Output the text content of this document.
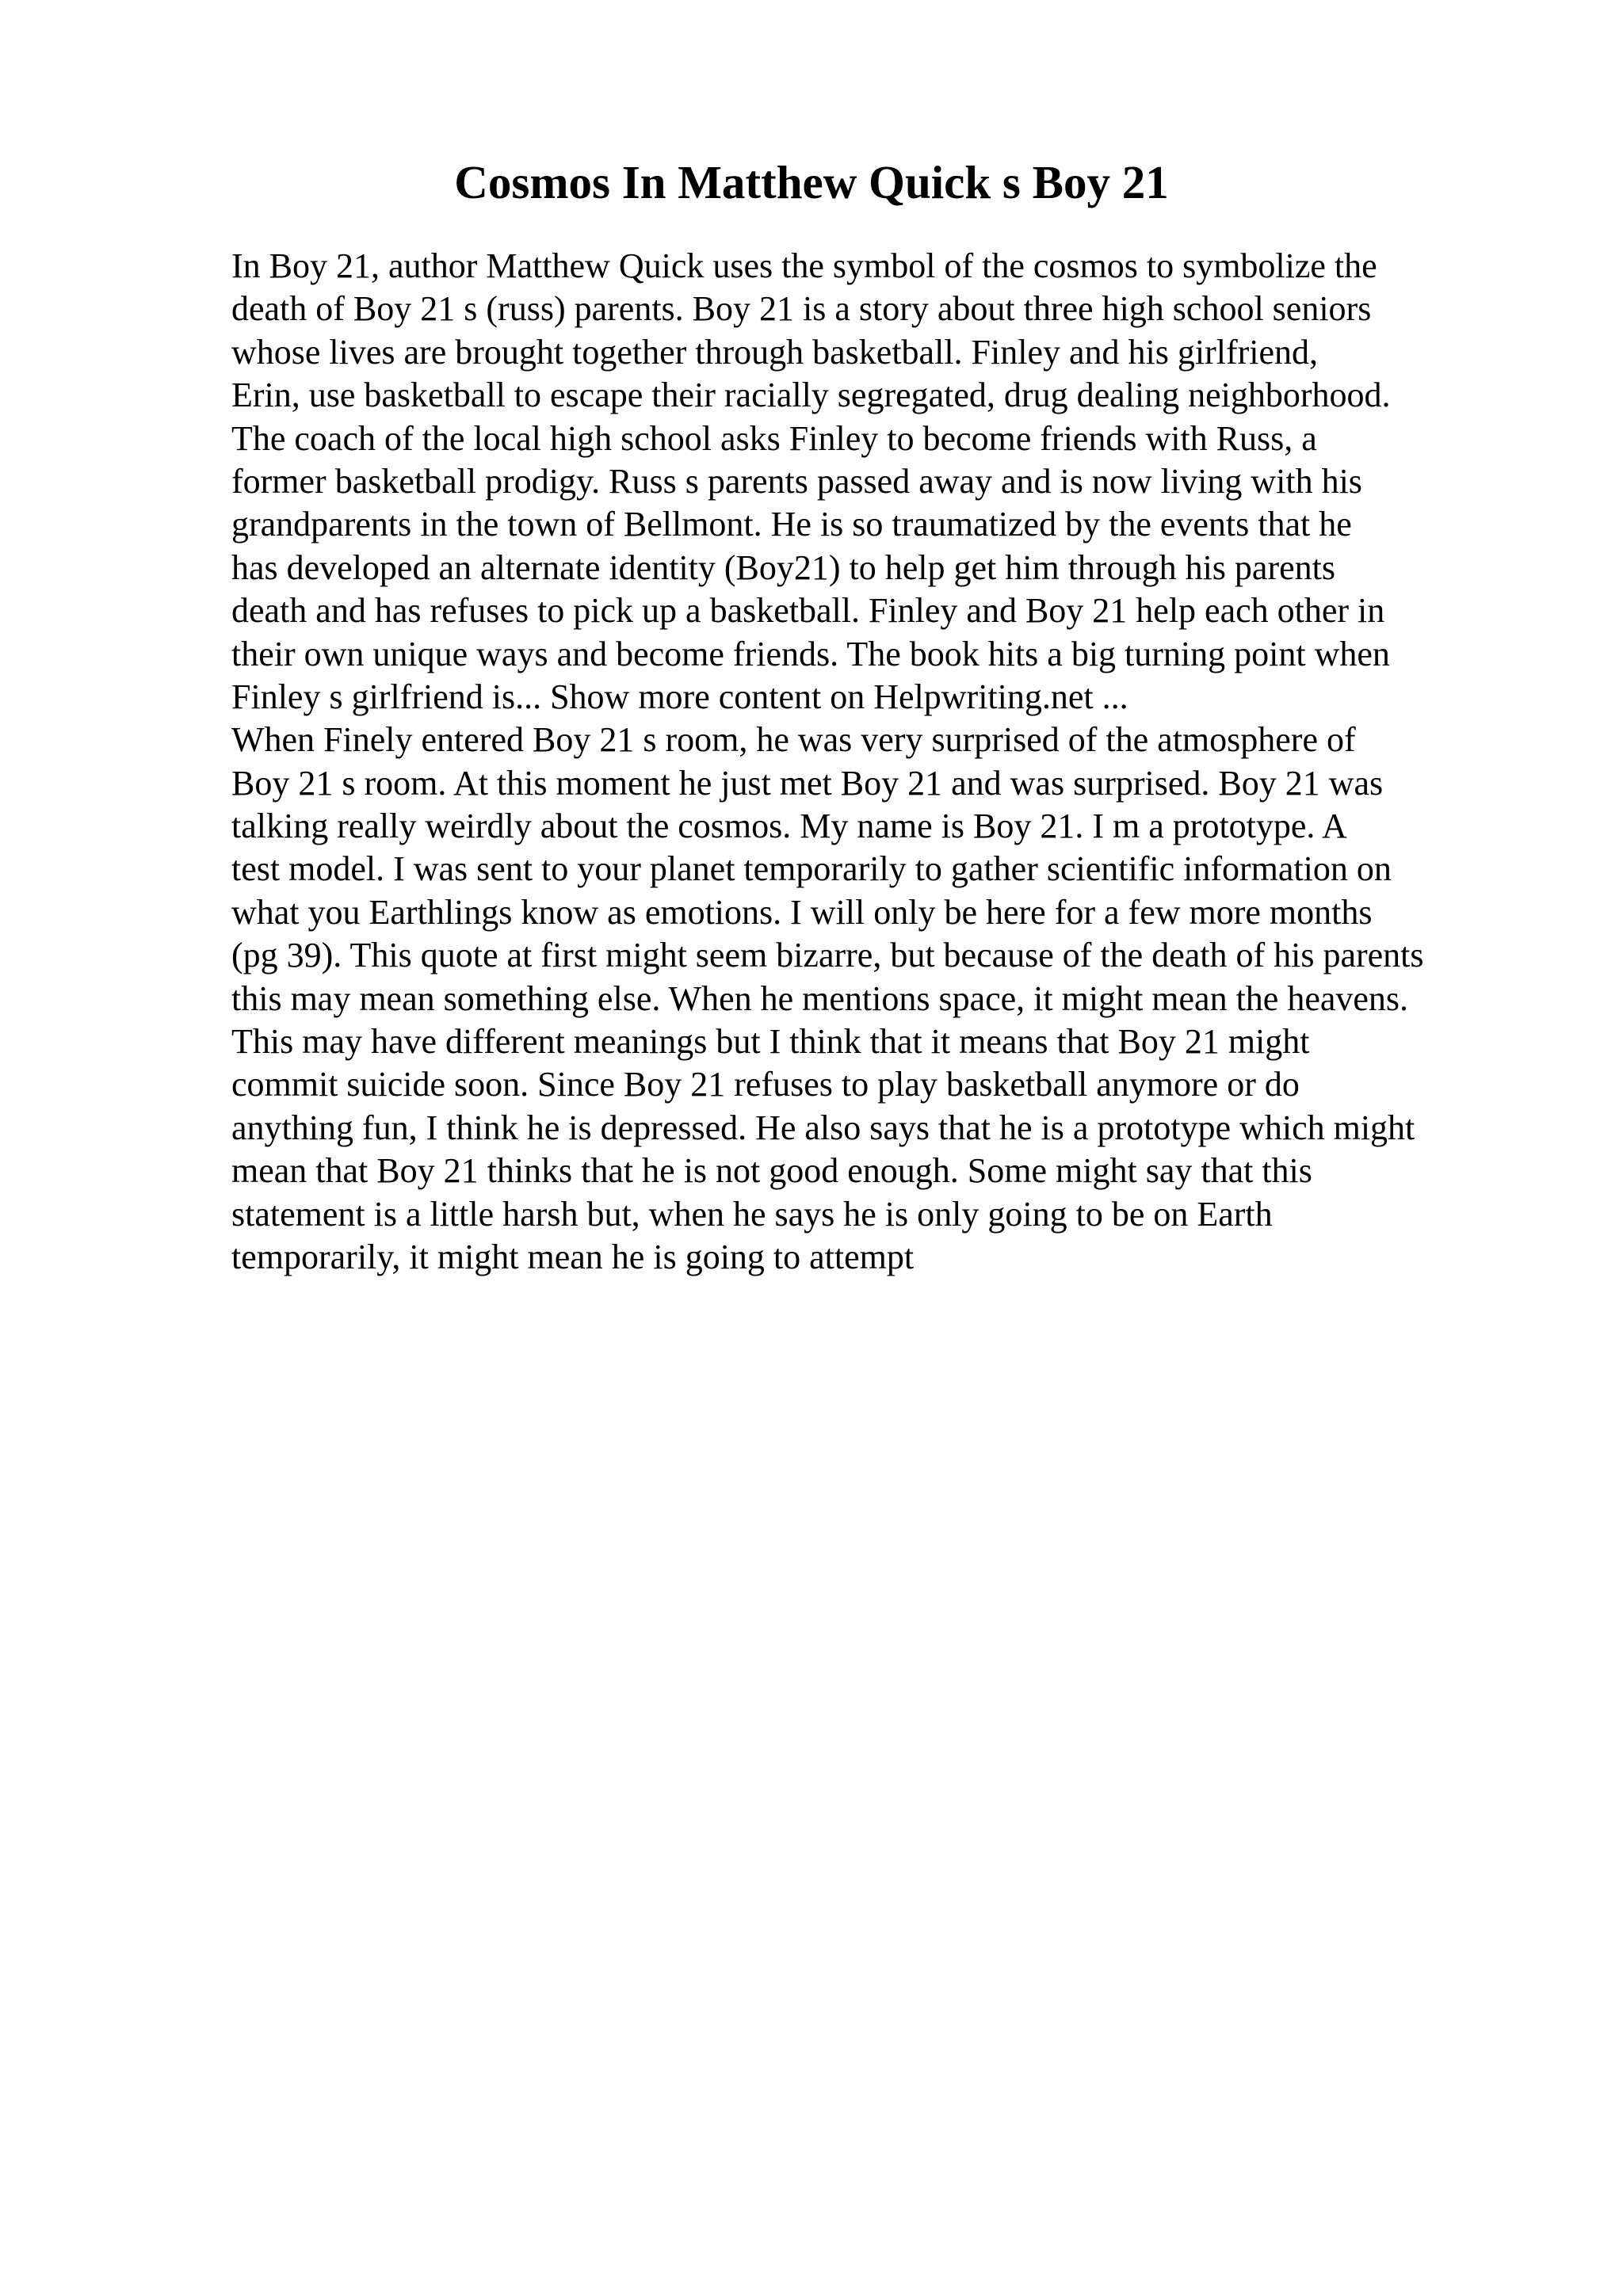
Cosmos In Matthew Quick s Boy 21
In Boy 21, author Matthew Quick uses the symbol of the cosmos to symbolize the
death of Boy 21 s (russ) parents. Boy 21 is a story about three high school seniors
whose lives are brought together through basketball. Finley and his girlfriend,
Erin, use basketball to escape their racially segregated, drug dealing neighborhood.
The coach of the local high school asks Finley to become friends with Russ, a
former basketball prodigy. Russ s parents passed away and is now living with his
grandparents in the town of Bellmont. He is so traumatized by the events that he
has developed an alternate identity (Boy21) to help get him through his parents
death and has refuses to pick up a basketball. Finley and Boy 21 help each other in
their own unique ways and become friends. The book hits a big turning point when
Finley s girlfriend is... Show more content on Helpwriting.net ...
When Finely entered Boy 21 s room, he was very surprised of the atmosphere of
Boy 21 s room. At this moment he just met Boy 21 and was surprised. Boy 21 was
talking really weirdly about the cosmos. My name is Boy 21. I m a prototype. A
test model. I was sent to your planet temporarily to gather scientific information on
what you Earthlings know as emotions. I will only be here for a few more months
(pg 39). This quote at first might seem bizarre, but because of the death of his parents
this may mean something else. When he mentions space, it might mean the heavens.
This may have different meanings but I think that it means that Boy 21 might
commit suicide soon. Since Boy 21 refuses to play basketball anymore or do
anything fun, I think he is depressed. He also says that he is a prototype which might
mean that Boy 21 thinks that he is not good enough. Some might say that this
statement is a little harsh but, when he says he is only going to be on Earth
temporarily, it might mean he is going to attempt
